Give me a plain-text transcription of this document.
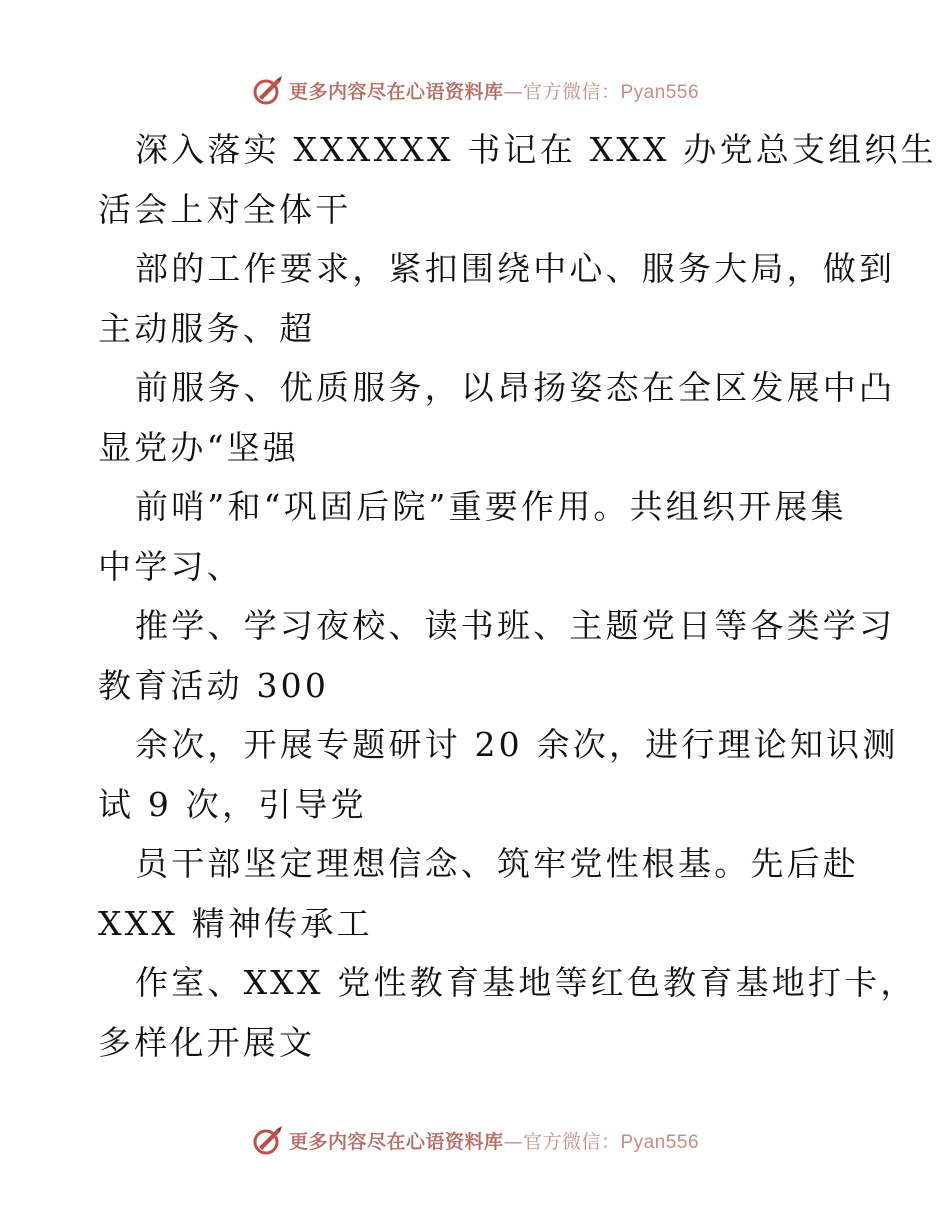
更多内容尽在心语资料库—官方微信：Pyan556
深入落实 XXXXXX 书记在 XXX 办党总支组织生
活会上对全体干
部的工作要求，紧扣围绕中心、服务大局，做到
主动服务、超
前服务、优质服务，以昂扬姿态在全区发展中凸
显党办“坚强
前哨”和“巩固后院”重要作用。共组织开展集
中学习、
推学、学习夜校、读书班、主题党日等各类学习
教育活动 300
余次，开展专题研讨 20 余次，进行理论知识测
试 9 次，引导党
员干部坚定理想信念、筑牢党性根基。先后赴
XXX 精神传承工
作室、XXX 党性教育基地等红色教育基地打卡，
多样化开展文
更多内容尽在心语资料库—官方微信：Pyan556
